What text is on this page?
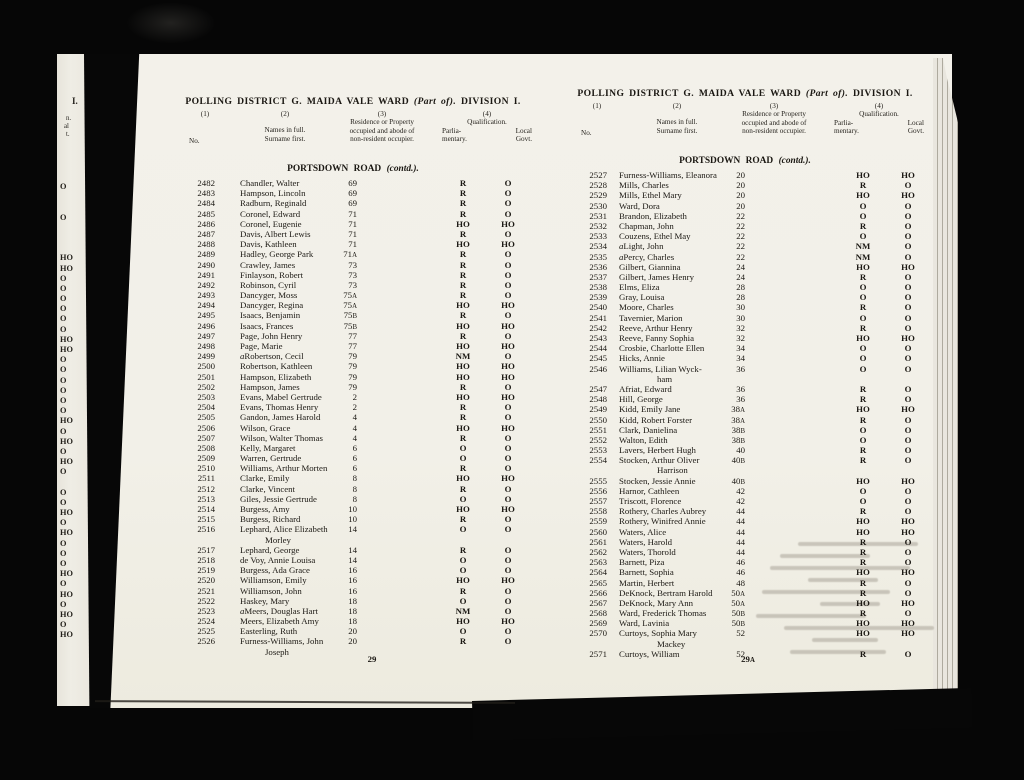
I.
n.
al
t.
O

O

HO
HO
O
O
O
O
O
O
HO
HO
O
O
O
O
O
O
HO
O
HO
O
HO
O

O
O
HO
O
HO
O
O
O
HO
O
HO
O
HO
O
HO
POLLING DISTRICT G. MAIDA VALE WARD (Part of). DIVISION I.
(1)
No.
(2)
Names in full.
Surname first.
(3)
Residence or Property
occupied and abode of
non-resident occupier.
(4)
Qualification.
Parlia-	Local
mentary.	Govt.
PORTSDOWN ROAD (contd.).
2482	Chandler, Walter	69	R	O
2483	Hampson, Lincoln	69	R	O
2484	Radburn, Reginald	69	R	O
2485	Coronel, Edward	71	R	O
2486	Coronel, Eugenie	71	HO	HO
2487	Davis, Albert Lewis	71	R	O
2488	Davis, Kathleen	71	HO	HO
2489	Hadley, George Park	71A	R	O
2490	Crawley, James	73	R	O
2491	Finlayson, Robert	73	R	O
2492	Robinson, Cyril	73	R	O
2493	Dancyger, Moss	75A	R	O
2494	Dancyger, Regina	75A	HO	HO
2495	Isaacs, Benjamin	75B	R	O
2496	Isaacs, Frances	75B	HO	HO
2497	Page, John Henry	77	R	O
2498	Page, Marie	77	HO	HO
2499	aRobertson, Cecil	79	NM	O
2500	Robertson, Kathleen	79	HO	HO
2501	Hampson, Elizabeth	79	HO	HO
2502	Hampson, James	79	R	O
2503	Evans, Mabel Gertrude	2	HO	HO
2504	Evans, Thomas Henry	2	R	O
2505	Gandon, James Harold	4	R	O
2506	Wilson, Grace	4	HO	HO
2507	Wilson, Walter Thomas	4	R	O
2508	Kelly, Margaret	6	O	O
2509	Warren, Gertrude	6	O	O
2510	Williams, Arthur Morten	6	R	O
2511	Clarke, Emily	8	HO	HO
2512	Clarke, Vincent	8	R	O
2513	Giles, Jessie Gertrude	8	O	O
2514	Burgess, Amy	10	HO	HO
2515	Burgess, Richard	10	R	O
2516	Lephard, Alice Elizabeth	14	O	O
Morley
2517	Lephard, George	14	R	O
2518	de Voy, Annie Louisa	14	O	O
2519	Burgess, Ada Grace	16	O	O
2520	Williamson, Emily	16	HO	HO
2521	Williamson, John	16	R	O
2522	Haskey, Mary	18	O	O
2523	aMeers, Douglas Hart	18	NM	O
2524	Meers, Elizabeth Amy	18	HO	HO
2525	Easterling, Ruth	20	O	O
2526	Furness-Williams, John	20	R	O
Joseph
POLLING DISTRICT G. MAIDA VALE WARD (Part of). DIVISION I.
(1)
No.
(2)
Names in full.
Surname first.
(3)
Residence or Property
occupied and abode of
non-resident occupier.
(4)
Qualification.
Parlia-	Local
mentary.	Govt.
PORTSDOWN ROAD (contd.).
2527	Furness-Williams, Eleanora	20	HO	HO
2528	Mills, Charles	20	R	O
2529	Mills, Ethel Mary	20	HO	HO
2530	Ward, Dora	20	O	O
2531	Brandon, Elizabeth	22	O	O
2532	Chapman, John	22	R	O
2533	Couzens, Ethel May	22	O	O
2534	aLight, John	22	NM	O
2535	aPercy, Charles	22	NM	O
2536	Gilbert, Giannina	24	HO	HO
2537	Gilbert, James Henry	24	R	O
2538	Elms, Eliza	28	O	O
2539	Gray, Louisa	28	O	O
2540	Moore, Charles	30	R	O
2541	Tavernier, Marion	30	O	O
2542	Reeve, Arthur Henry	32	R	O
2543	Reeve, Fanny Sophia	32	HO	HO
2544	Crosbie, Charlotte Ellen	34	O	O
2545	Hicks, Annie	34	O	O
2546	Williams, Lilian Wyck-	36	O	O
ham
2547	Afriat, Edward	36	R	O
2548	Hill, George	36	R	O
2549	Kidd, Emily Jane	38A	HO	HO
2550	Kidd, Robert Forster	38A	R	O
2551	Clark, Danielina	38B	O	O
2552	Walton, Edith	38B	O	O
2553	Lavers, Herbert Hugh	40	R	O
2554	Stocken, Arthur Oliver	40B	R	O
Harrison
2555	Stocken, Jessie Annie	40B	HO	HO
2556	Harnor, Cathleen	42	O	O
2557	Triscott, Florence	42	O	O
2558	Rothery, Charles Aubrey	44	R	O
2559	Rothery, Winifred Annie	44	HO	HO
2560	Waters, Alice	44	HO	HO
2561	Waters, Harold	44	R	O
2562	Waters, Thorold	44	R	O
2563	Barnett, Piza	46	R	O
2564	Barnett, Sophia	46	HO	HO
2565	Martin, Herbert	48	R	O
2566	DeKnock, Bertram Harold	50A	R	O
2567	DeKnock, Mary Ann	50A	HO	HO
2568	Ward, Frederick Thomas	50B	R	O
2569	Ward, Lavinia	50B	HO	HO
2570	Curtoys, Sophia Mary	52	HO	HO
Mackey
2571	Curtoys, William	52	R	O
29	29A
